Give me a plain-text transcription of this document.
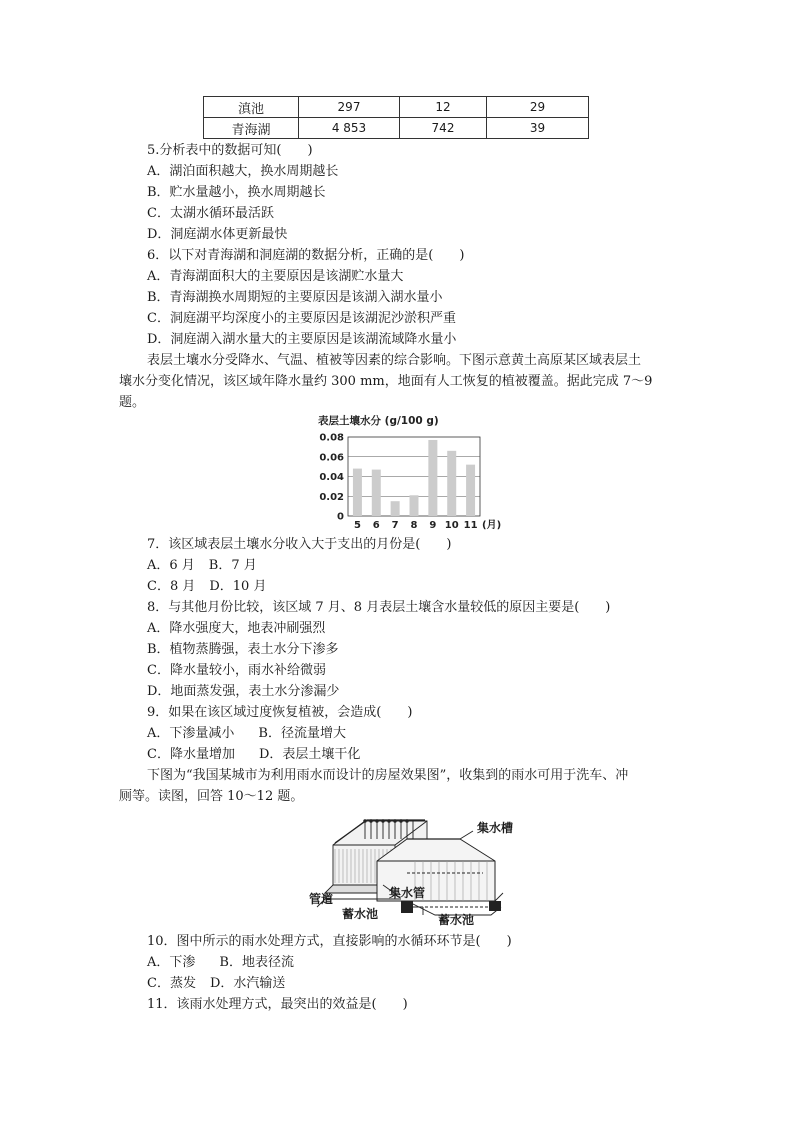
滇池	297	12	29
青海湖	4 853	742	39
5.分析表中的数据可知(　　)
A．湖泊面积越大，换水周期越长
B．贮水量越小，换水周期越长
C．太湖水循环最活跃
D．洞庭湖水体更新最快
6．以下对青海湖和洞庭湖的数据分析，正确的是(　　)
A．青海湖面积大的主要原因是该湖贮水量大
B．青海湖换水周期短的主要原因是该湖入湖水量小
C．洞庭湖平均深度小的主要原因是该湖泥沙淤积严重
D．洞庭湖入湖水量大的主要原因是该湖流域降水量小
表层土壤水分受降水、气温、植被等因素的综合影响。下图示意黄土高原某区域表层土
壤水分变化情况，该区域年降水量约 300 mm，地面有人工恢复的植被覆盖。据此完成 7～9
题。
表层土壤水分 (g/100 g)
0
0.02
0.04
0.06
0.08
5 6 7 8 9 10 11 (月)
7．该区域表层土壤水分收入大于支出的月份是(　　)
A．6 月 B．7 月
C．8 月 D．10 月
8．与其他月份比较，该区域 7 月、8 月表层土壤含水量较低的原因主要是(　　)
A．降水强度大，地表冲刷强烈
B．植物蒸腾强，表土水分下渗多
C．降水量较小，雨水补给微弱
D．地面蒸发强，表土水分渗漏少
9．如果在该区域过度恢复植被，会造成(　　)
A．下渗量减小 B．径流量增大
C．降水量增加 D．表层土壤干化
下图为“我国某城市为利用雨水而设计的房屋效果图”，收集到的雨水可用于洗车、冲
厕等。读图，回答 10～12 题。
集水槽
管道	集水管
蓄水池	蓄水池
10．图中所示的雨水处理方式，直接影响的水循环环节是(　　)
A．下渗 B．地表径流
C．蒸发 D．水汽输送
11．该雨水处理方式，最突出的效益是(　　)
